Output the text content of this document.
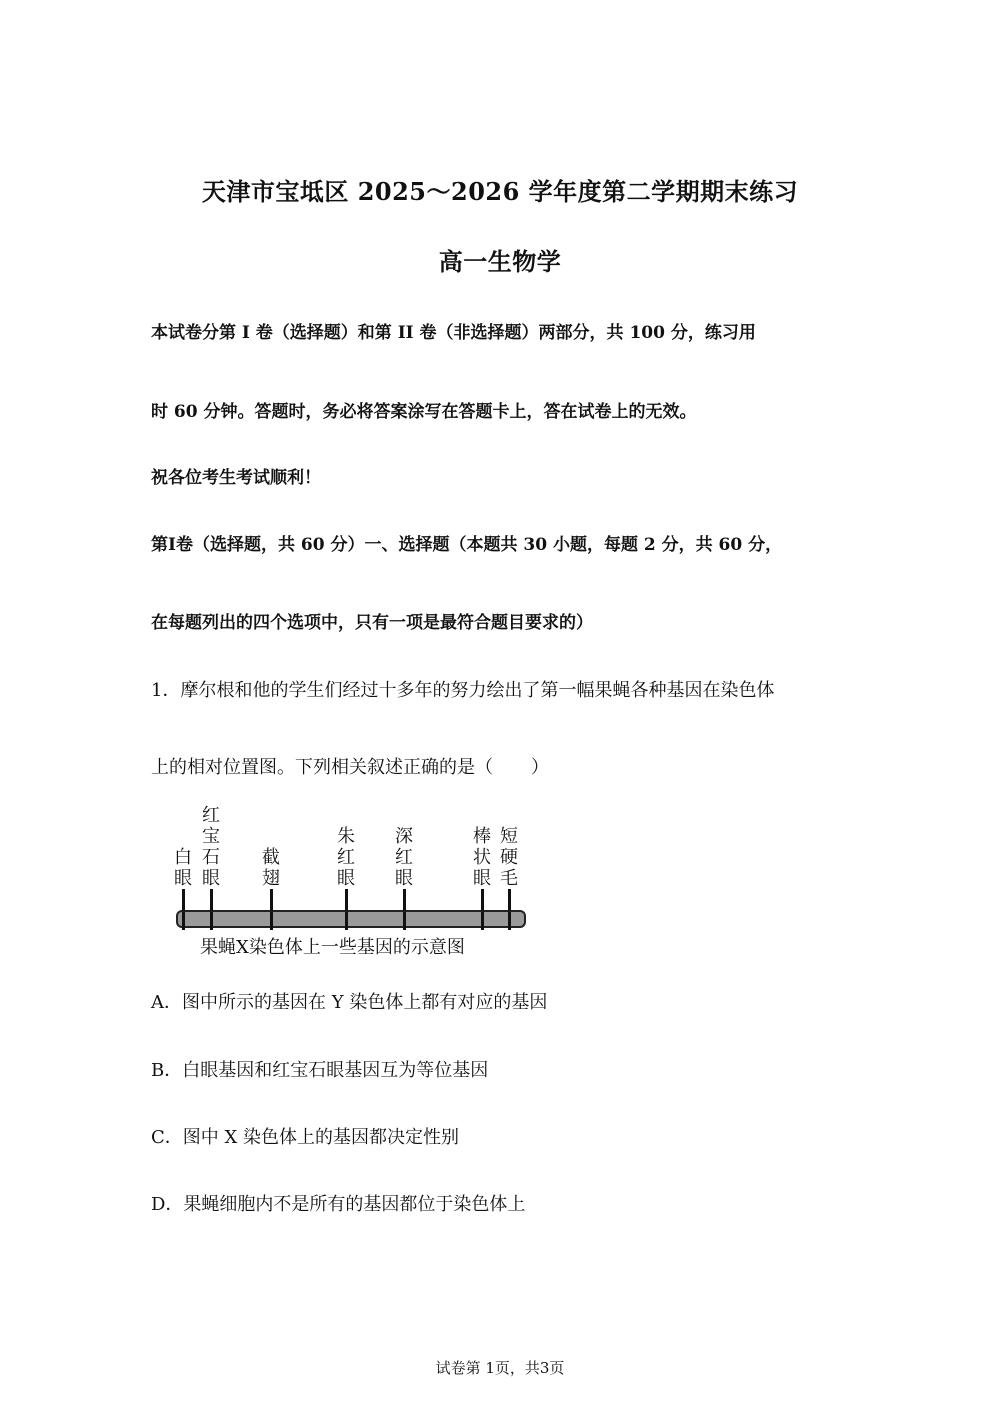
天津市宝坻区 2025～2026 学年度第二学期期末练习
高一生物学
本试卷分第 I 卷（选择题）和第 II 卷（非选择题）两部分，共 100 分，练习用
时 60 分钟。答题时，务必将答案涂写在答题卡上，答在试卷上的无效。
祝各位考生考试顺利！
第Ⅰ卷（选择题，共 60 分）一、选择题（本题共 30 小题，每题 2 分，共 60 分，
在每题列出的四个选项中，只有一项是最符合题目要求的）
1．摩尔根和他的学生们经过十多年的努力绘出了第一幅果蝇各种基因在染色体
上的相对位置图。下列相关叙述正确的是（ ）
白
眼
红
宝
石
眼
截
翅
朱
红
眼
深
红
眼
棒
状
眼
短
硬
毛
果蝇X染色体上一些基因的示意图
A．图中所示的基因在 Y 染色体上都有对应的基因
B．白眼基因和红宝石眼基因互为等位基因
C．图中 X 染色体上的基因都决定性别
D．果蝇细胞内不是所有的基因都位于染色体上
试卷第 1页，共3页
